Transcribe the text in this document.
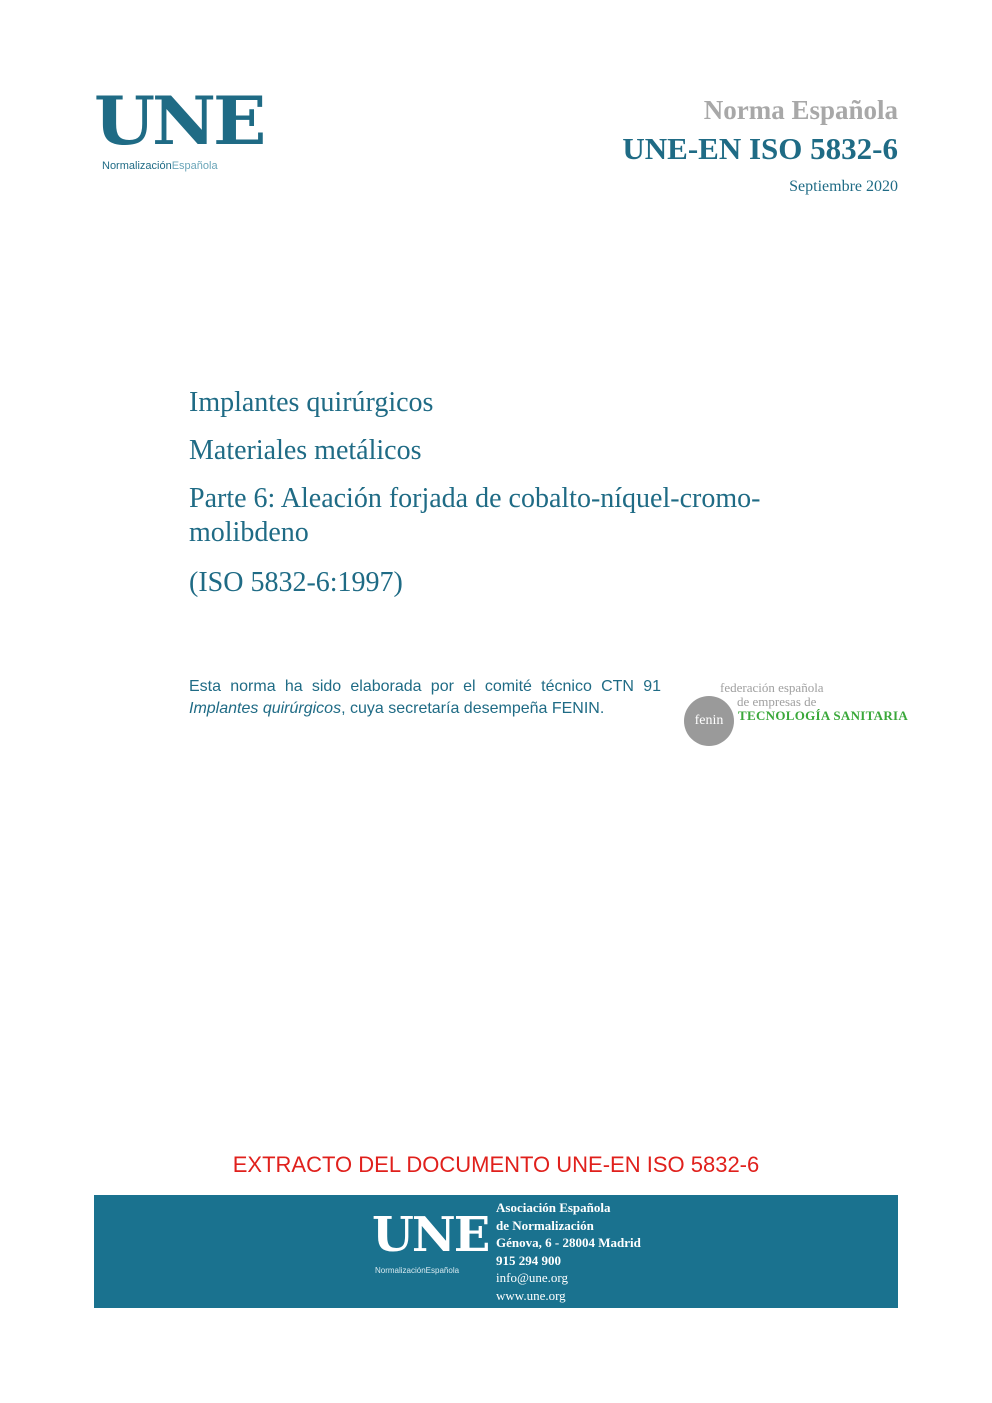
UNE
NormalizaciónEspañola
Norma Española
UNE-EN ISO 5832-6
Septiembre 2020
Implantes quirúrgicos
Materiales metálicos
Parte 6: Aleación forjada de cobalto-níquel-cromo-molibdeno
(ISO 5832-6:1997)
Esta norma ha sido elaborada por el comité técnico CTN 91 Implantes quirúrgicos, cuya secretaría desempeña FENIN.
fenin
federación española
de empresas de
TECNOLOGÍA SANITARIA
EXTRACTO DEL DOCUMENTO UNE-EN ISO 5832-6
UNE
NormalizaciónEspañola
Asociación Española
de Normalización
Génova, 6 - 28004 Madrid
915 294 900
info@une.org
www.une.org
